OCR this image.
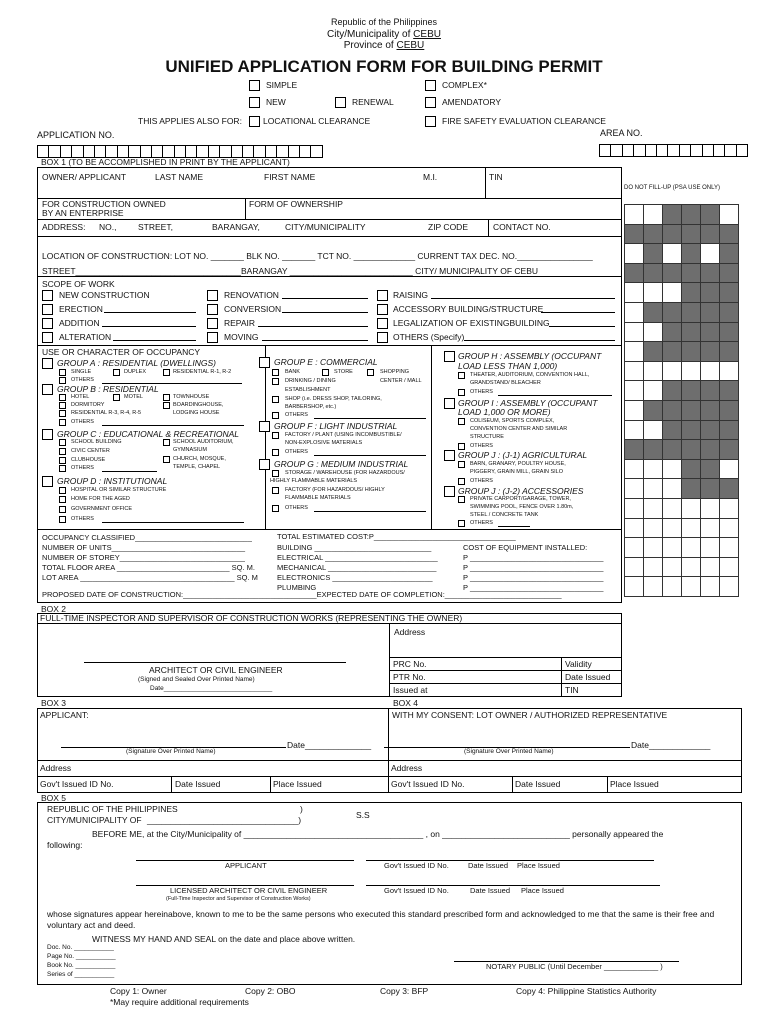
Republic of the Philippines
City/Municipality of CEBU
Province of CEBU
UNIFIED APPLICATION FORM FOR BUILDING PERMIT
SIMPLE	COMPLEX*
NEW	RENEWAL	AMENDATORY
THIS APPLIES ALSO FOR: LOCATIONAL CLEARANCE	FIRE SAFETY EVALUATION CLEARANCE
APPLICATION NO.
																									AREA NO.

BOX 1 (TO BE ACCOMPLISHED IN PRINT BY THE APPLICANT)
OWNER/ APPLICANT	LAST NAME	FIRST NAME	M.I.	TIN
FOR CONSTRUCTION OWNED
BY AN ENTERPRISE
FORM OF OWNERSHIP
ADDRESS: NO.,	STREET,	BARANGAY,	CITY/MUNICIPALITY	ZIP CODE	CONTACT NO.
LOCATION OF CONSTRUCTION: LOT NO. _______ BLK NO. _______ TCT NO. _____________ CURRENT TAX DEC. NO.________________
STREET___________________________________BARANGAY __________________________ CITY/ MUNICIPALITY OF CEBU
SCOPE OF WORK
NEW CONSTRUCTION
ERECTION
ADDITION
ALTERATION
RENOVATION
CONVERSION
REPAIR
MOVING
RAISING
ACCESSORY BUILDING/STRUCTURE
LEGALIZATION OF EXISTINGBUILDING
OTHERS (Specify)
USE OR CHARACTER OF OCCUPANCY
GROUP A : RESIDENTIAL (DWELLINGS)
SINGLE	DUPLEX	RESIDENTIAL R-1, R-2
OTHERS
GROUP B : RESIDENTIAL
HOTEL	MOTEL	TOWNHOUSE
DORMITORY	BOARDINGHOUSE,
RESIDENTIAL R-3, R-4, R-5	LODGING HOUSE
OTHERS
GROUP C : EDUCATIONAL & RECREATIONAL
SCHOOL BUILDING	SCHOOL AUDITORIUM,
GYMNASIUM
CIVIC CENTER
CHURCH, MOSQUE,
CLUBHOUSE
TEMPLE, CHAPEL
OTHERS
GROUP D : INSTITUTIONAL
HOSPITAL OR SIMILAR STRUCTURE
HOME FOR THE AGED
GOVERNMENT OFFICE
OTHERS
GROUP E : COMMERCIAL
BANK	STORE	SHOPPING
DRINKING / DINING	CENTER / MALL
ESTABLISHMENT
SHOP (i.e. DRESS SHOP, TAILORING,
BARBERSHOP, etc.)
OTHERS
GROUP F : LIGHT INDUSTRIAL
FACTORY / PLANT (USING INCOMBUSTIBLE/
NON-EXPLOSIVE MATERIALS
OTHERS
GROUP G : MEDIUM INDUSTRIAL
STORAGE / WAREHOUSE (FOR HAZARDOUS/
HIGHLY FLAMMABLE MATERIALS
FACTORY (FOR HAZARDOUS/ HIGHLY
FLAMMABLE MATERIALS
OTHERS
GROUP H : ASSEMBLY (OCCUPANT
LOAD LESS THAN 1,000)
THEATER, AUDITORIUM, CONVENTION HALL,
GRANDSTAND/ BLEACHER
OTHERS
GROUP I : ASSEMBLY (OCCUPANT
LOAD 1,000 OR MORE)
COLISEUM, SPORTS COMPLEX,
CONVENTION CENTER AND SIMILAR
STRUCTURE
OTHERS
GROUP J : (J-1) AGRICULTURAL
BARN, GRANARY, POULTRY HOUSE,
PIGGERY, GRAIN MILL, GRAIN SILO
OTHERS
GROUP J : (J-2) ACCESSORIES
PRIVATE CARPORT/GARAGE, TOWER,
SWIMMING POOL, FENCE OVER 1.80m,
STEEL / CONCRETE TANK
OTHERS
OCCUPANCY CLASSIFIED____________________________
NUMBER OF UNITS________________________________
NUMBER OF STOREY______________________________
TOTAL FLOOR AREA ___________________________ SQ. M.
LOT AREA _____________________________________ SQ. M
PROPOSED DATE OF CONSTRUCTION:________________________________EXPECTED DATE OF COMPLETION:____________________________
TOTAL ESTIMATED COST:P__________________________________
BUILDING ____________________________
ELECTRICAL ___________________________
MECHANICAL __________________________
ELECTRONICS ________________________
PLUMBING
COST OF EQUIPMENT INSTALLED:
P ________________________________
P ________________________________
P ________________________________
P ________________________________
DO NOT FILL-UP (PSA USE ONLY)

BOX 2
FULL-TIME INSPECTOR AND SUPERVISOR OF CONSTRUCTION WORKS (REPRESENTING THE OWNER)
Address
ARCHITECT OR CIVIL ENGINEER
(Signed and Sealed Over Printed Name)
Date______________________________
PRC No.	Validity
PTR No.	Date Issued
Issued at	TIN
BOX 3	BOX 4
APPLICANT:
Date______________
(Signature Over Printed Name)
Address
Gov't Issued ID No.	Date Issued	Place Issued
WITH MY CONSENT: LOT OWNER / AUTHORIZED REPRESENTATIVE
Date_____________
(Signature Over Printed Name)
Address
Gov't Issued ID No.	Date Issued	Place Issued
BOX 5
REPUBLIC OF THE PHILIPPINES	)
S.S
CITY/MUNICIPALITY OF ________________________________)
BEFORE ME, at the City/Municipality of ______________________________________ , on ___________________________ personally appeared the
following:
APPLICANT	Gov't Issued ID No.	Date Issued Place Issued
LICENSED ARCHITECT OR CIVIL ENGINEER
(Full-Time Inspector and Supervisor of Construction Works)
Gov't Issued ID No.	Date Issued Place Issued
whose signatures appear hereinabove, known to me to be the same persons who executed this standard prescribed form and acknowledged to me that the same is their free and
voluntary act and deed.
WITNESS MY HAND AND SEAL on the date and place above written.
Doc. No. ___________
Page No. ___________
Book No. ___________
Series of ___________
NOTARY PUBLIC (Until December _____________ )
Copy 1: Owner	Copy 2: OBO	Copy 3: BFP	Copy 4: Philippine Statistics Authority
*May require additional requirements
